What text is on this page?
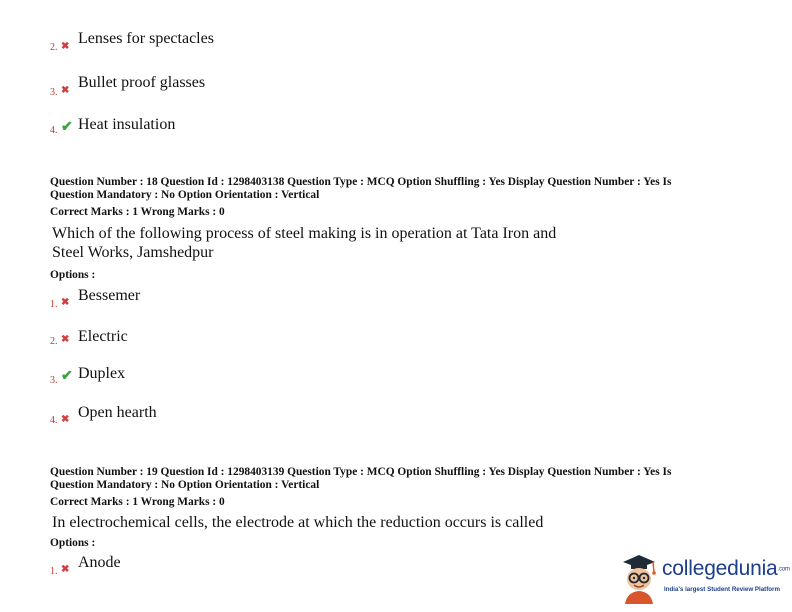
2. ✖ Lenses for spectacles
3. ✖ Bullet proof glasses
4. ✔ Heat insulation
Question Number : 18 Question Id : 1298403138 Question Type : MCQ Option Shuffling : Yes Display Question Number : Yes Is
Question Mandatory : No Option Orientation : Vertical
Correct Marks : 1 Wrong Marks : 0
Which of the following process of steel making is in operation at Tata Iron and
Steel Works, Jamshedpur
Options :
1. ✖ Bessemer
2. ✖ Electric
3. ✔ Duplex
4. ✖ Open hearth
Question Number : 19 Question Id : 1298403139 Question Type : MCQ Option Shuffling : Yes Display Question Number : Yes Is
Question Mandatory : No Option Orientation : Vertical
Correct Marks : 1 Wrong Marks : 0
In electrochemical cells, the electrode at which the reduction occurs is called
Options :
1. ✖ Anode	collegedunia.com
India's largest Student Review Platform
